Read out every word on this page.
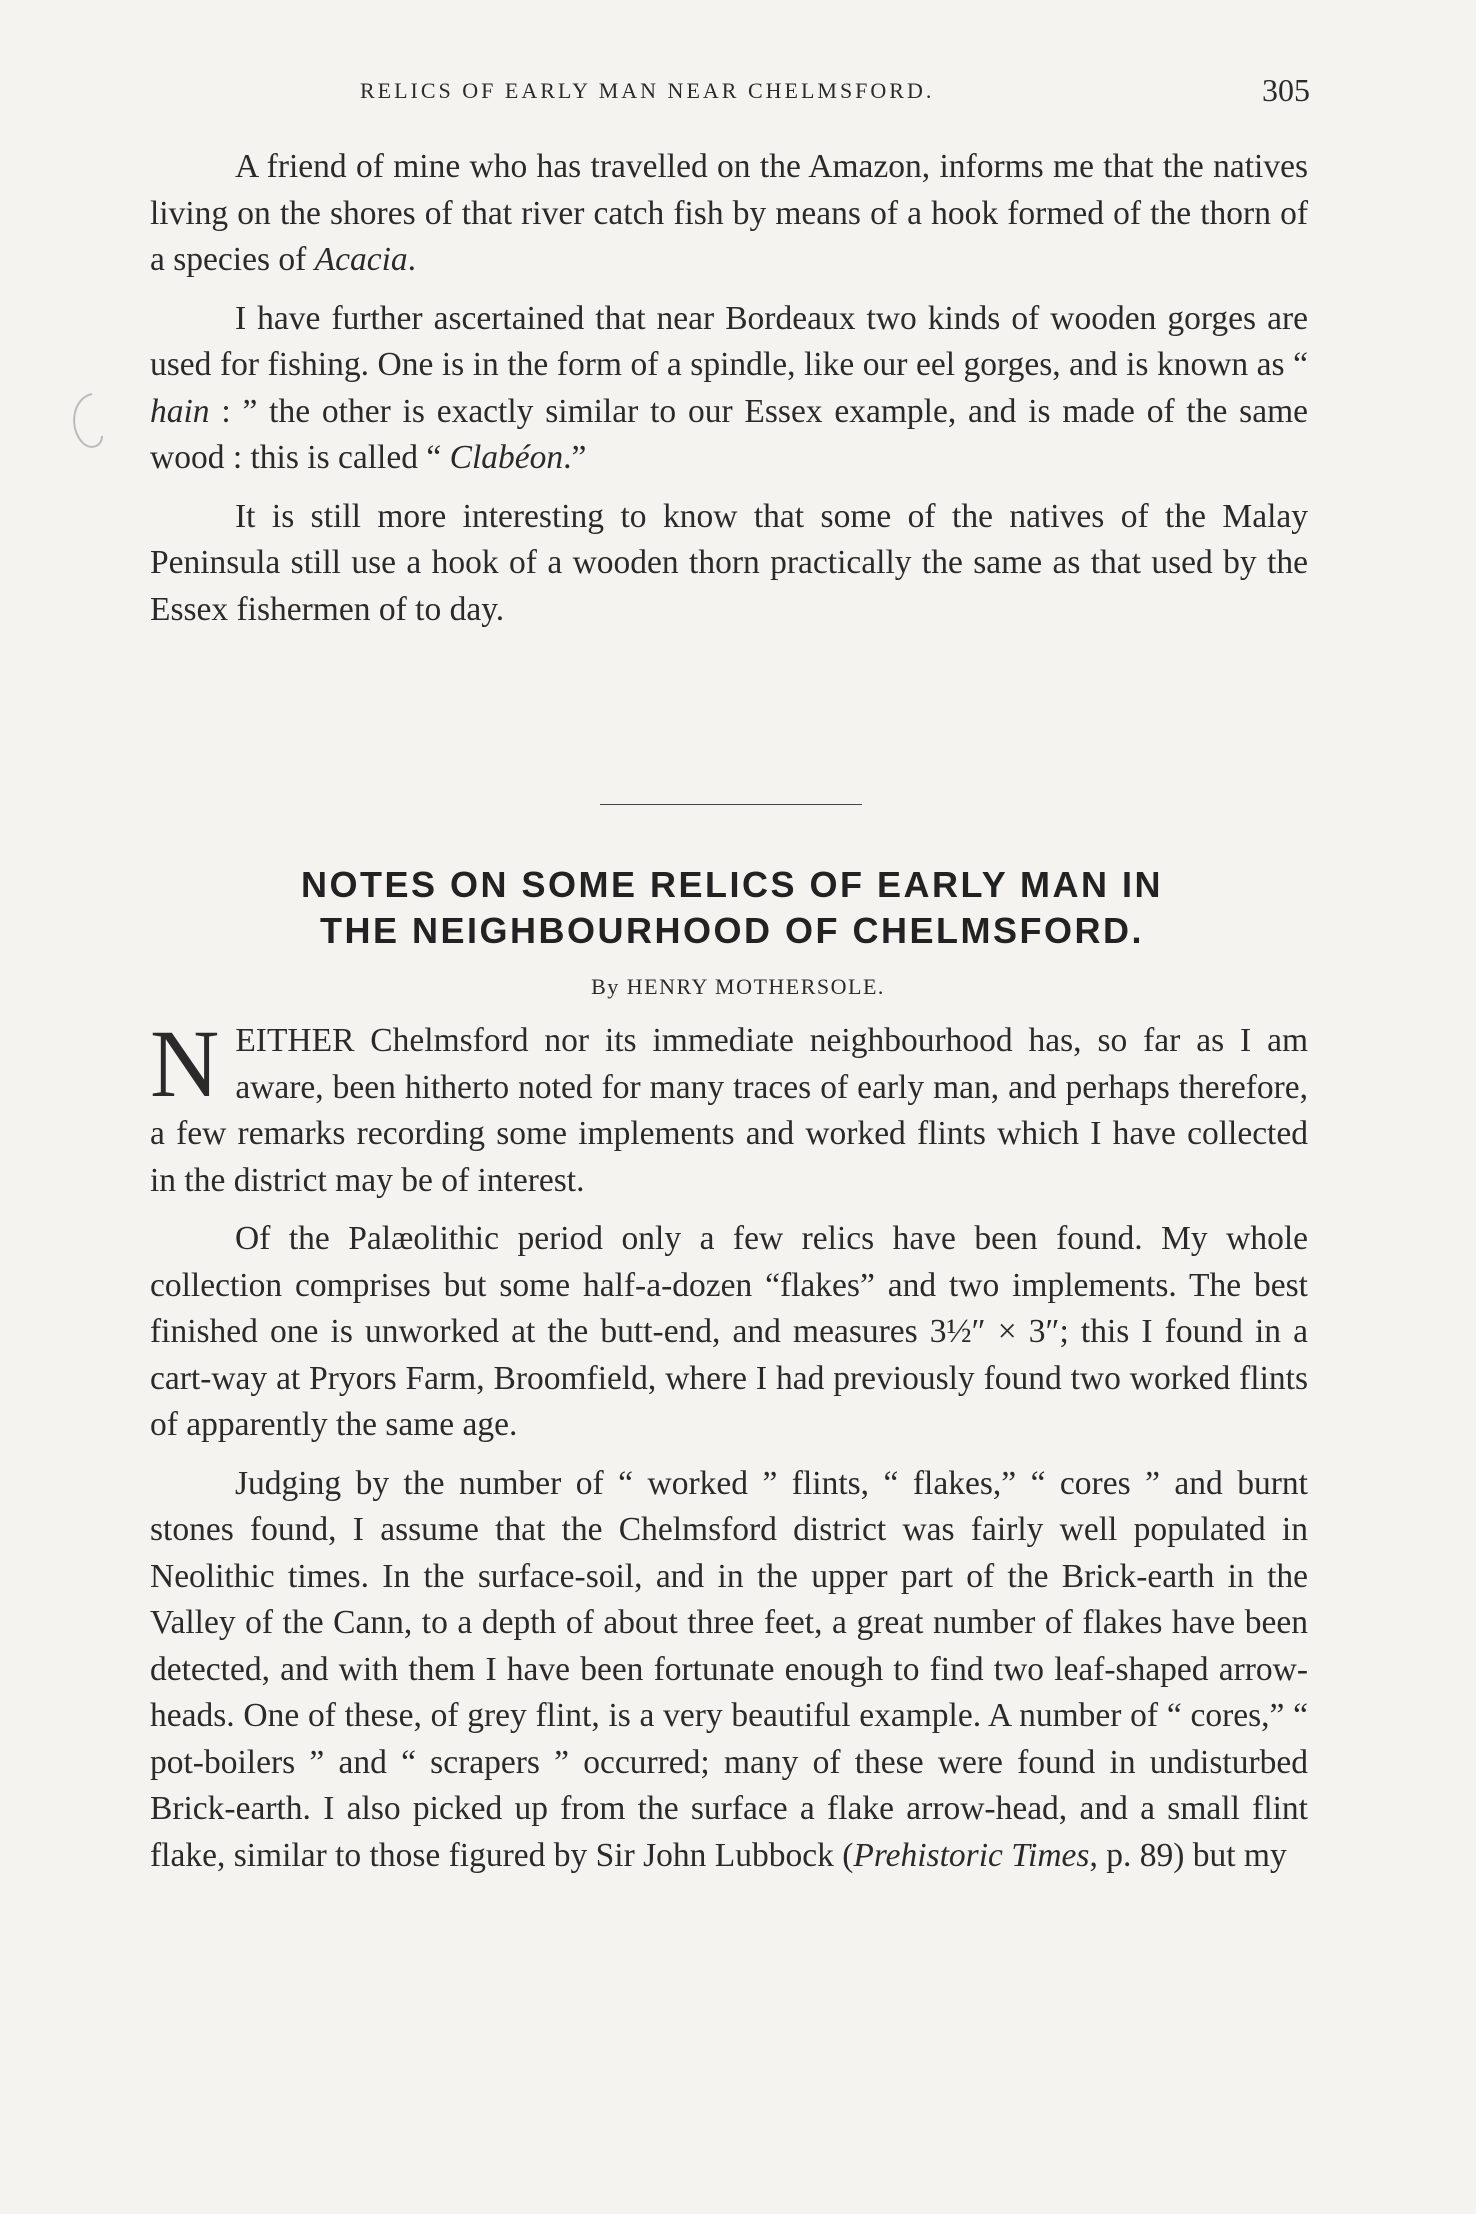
RELICS OF EARLY MAN NEAR CHELMSFORD.	305

A friend of mine who has travelled on the Amazon, informs me that the natives living on the shores of that river catch fish by means of a hook formed of the thorn of a species of Acacia.

I have further ascertained that near Bordeaux two kinds of wooden gorges are used for fishing. One is in the form of a spindle, like our eel gorges, and is known as “ hain : ” the other is exactly similar to our Essex example, and is made of the same wood : this is called “ Clabéon.”

It is still more interesting to know that some of the natives of the Malay Peninsula still use a hook of a wooden thorn practically the same as that used by the Essex fishermen of to day.

NOTES ON SOME RELICS OF EARLY MAN IN
THE NEIGHBOURHOOD OF CHELMSFORD.
By HENRY MOTHERSOLE.

NEITHER Chelmsford nor its immediate neighbourhood has, so far as I am aware, been hitherto noted for many traces of early man, and perhaps therefore, a few remarks recording some implements and worked flints which I have collected in the district may be of interest.

Of the Palæolithic period only a few relics have been found. My whole collection comprises but some half-a-dozen “flakes” and two implements. The best finished one is unworked at the butt-end, and measures 3½″ × 3″; this I found in a cart-way at Pryors Farm, Broomfield, where I had previously found two worked flints of apparently the same age.

Judging by the number of “ worked ” flints, “ flakes,” “ cores ” and burnt stones found, I assume that the Chelmsford district was fairly well populated in Neolithic times. In the surface-soil, and in the upper part of the Brick-earth in the Valley of the Cann, to a depth of about three feet, a great number of flakes have been detected, and with them I have been fortunate enough to find two leaf-shaped arrow-heads. One of these, of grey flint, is a very beautiful example. A number of “ cores,” “ pot-boilers ” and “ scrapers ” occurred; many of these were found in undisturbed Brick-earth. I also picked up from the surface a flake arrow-head, and a small flint flake, similar to those figured by Sir John Lubbock (Prehistoric Times, p. 89) but my
